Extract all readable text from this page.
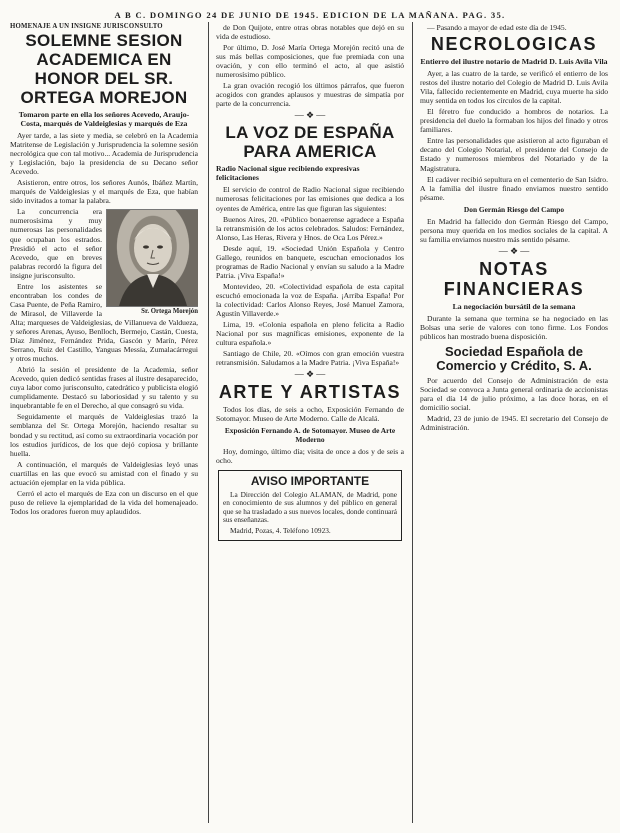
A B C. DOMINGO 24 DE JUNIO DE 1945. EDICION DE LA MAÑANA. PAG. 35.
HOMENAJE A UN INSIGNE JURISCONSULTO
SOLEMNE SESION ACADEMICA EN HONOR DEL SR. ORTEGA MOREJON
Tomaron parte en ella los señores Acevedo, Araujo-Costa, marqués de Valdeiglesias y marqués de Eza

Ayer tarde, a las siete y media, se celebró en la Academia Matritense de Legislación y Jurisprudencia la solemne sesión necrológica que con tal motivo... Academia de Jurisprudencia y Legislación, bajo la presidencia de su Decano señor Acevedo.

Asistieron, entre otros, los señores Aunós, Ibáñez Martín, marqués de Valdeiglesias y el marqués de Eza, que habían sido invitados a tomar la palabra.

Sr. Ortega Morejón

La concurrencia era numerosísima y muy numerosas las personalidades que ocupaban los estrados. Presidió el acto el señor Acevedo, que en breves palabras recordó la figura del insigne jurisconsulto.

Entre los asistentes se encontraban los condes de Casa Puente, de Peña Ramiro, de Mirasol, de Villaverde la Alta; marqueses de Valdeiglesias, de Villanueva de Valdueza, y señores Arenas, Ayuso, Benlloch, Bermejo, Castán, Cuesta, Díaz Jiménez, Fernández Prida, Gascón y Marín, Pérez Serrano, Ruiz del Castillo, Yanguas Messía, Zumalacárregui y otros muchos.

Abrió la sesión el presidente de la Academia, señor Acevedo, quien dedicó sentidas frases al ilustre desaparecido, cuya labor como jurisconsulto, catedrático y publicista elogió cumplidamente. Destacó su laboriosidad y su talento y su inquebrantable fe en el Derecho, al que consagró su vida.

Seguidamente el marqués de Valdeiglesias trazó la semblanza del Sr. Ortega Morejón, haciendo resaltar su bondad y su rectitud, así como su extraordinaria vocación por los estudios jurídicos, de los que dejó copiosa y brillante huella.

A continuación, el marqués de Valdeiglesias leyó unas cuartillas en las que evocó su amistad con el finado y su actuación ejemplar en la vida pública.

Cerró el acto el marqués de Eza con un discurso en el que puso de relieve la ejemplaridad de la vida del homenajeado. Todos los oradores fueron muy aplaudidos.

de Don Quijote, entre otras obras notables que dejó en su vida de estudioso.

Por último, D. José María Ortega Morejón recitó una de sus más bellas composiciones, que fue premiada con una ovación, y con ello terminó el acto, al que asistió numerosísimo público.

La gran ovación recogió los últimos párrafos, que fueron acogidos con grandes aplausos y muestras de simpatía por parte de la concurrencia.

— ❖ —
LA VOZ DE ESPAÑA PARA AMERICA
Radio Nacional sigue recibiendo expresivas felicitaciones

El servicio de control de Radio Nacional sigue recibiendo numerosas felicitaciones por las emisiones que dedica a los oyentes de América, entre las que figuran las siguientes:

Buenos Aires, 20. «Público bonaerense agradece a España la retransmisión de los actos celebrados. Saludos: Fernández, Alonso, Las Heras, Rivera y Hnos. de Oca Los Pérez.»

Desde aquí, 19. «Sociedad Unión Española y Centro Gallego, reunidos en banquete, escuchan emocionados los programas de Radio Nacional y envían su saludo a la Madre Patria. ¡Viva España!»

Montevideo, 20. «Colectividad española de esta capital escuchó emocionada la voz de España. ¡Arriba España! Por la colectividad: Carlos Alonso Reyes, José Manuel Zamora, Agustín Villaverde.»

Lima, 19. «Colonia española en pleno felicita a Radio Nacional por sus magníficas emisiones, exponente de la cultura española.»

Santiago de Chile, 20. «Oímos con gran emoción vuestra retransmisión. Saludamos a la Madre Patria. ¡Viva España!»

— ❖ —
ARTE Y ARTISTAS

Todos los días, de seis a ocho, Exposición Fernando de Sotomayor. Museo de Arte Moderno. Calle de Alcalá.

Exposición Fernando A. de Sotomayor. Museo de Arte Moderno

Hoy, domingo, último día; visita de once a dos y de seis a ocho.

AVISO IMPORTANTE

La Dirección del Colegio ALAMAN, de Madrid, pone en conocimiento de sus alumnos y del público en general que se ha trasladado a sus nuevos locales, donde continuará sus enseñanzas.

Madrid, Pozas, 4. Teléfono 10923.

— Pasando a mayor de edad este día de 1945.

NECROLOGICAS
Entierro del ilustre notario de Madrid D. Luis Avila Vila

Ayer, a las cuatro de la tarde, se verificó el entierro de los restos del ilustre notario del Colegio de Madrid D. Luis Avila Vila, fallecido recientemente en Madrid, cuya muerte ha sido muy sentida en todos los círculos de la capital.

El féretro fue conducido a hombros de notarios. La presidencia del duelo la formaban los hijos del finado y otros familiares.

Entre las personalidades que asistieron al acto figuraban el decano del Colegio Notarial, el presidente del Consejo de Estado y numerosos miembros del Notariado y de la Magistratura.

El cadáver recibió sepultura en el cementerio de San Isidro. A la familia del ilustre finado enviamos nuestro sentido pésame.

Don Germán Riesgo del Campo

En Madrid ha fallecido don Germán Riesgo del Campo, persona muy querida en los medios sociales de la capital. A su familia enviamos nuestro más sentido pésame.

— ❖ —
NOTAS FINANCIERAS
La negociación bursátil de la semana

Durante la semana que termina se ha negociado en las Bolsas una serie de valores con tono firme. Los Fondos públicos han mostrado buena disposición.

Sociedad Española de Comercio y Crédito, S. A.

Por acuerdo del Consejo de Administración de esta Sociedad se convoca a Junta general ordinaria de accionistas para el día 14 de julio próximo, a las doce horas, en el domicilio social.

Madrid, 23 de junio de 1945. El secretario del Consejo de Administración.
